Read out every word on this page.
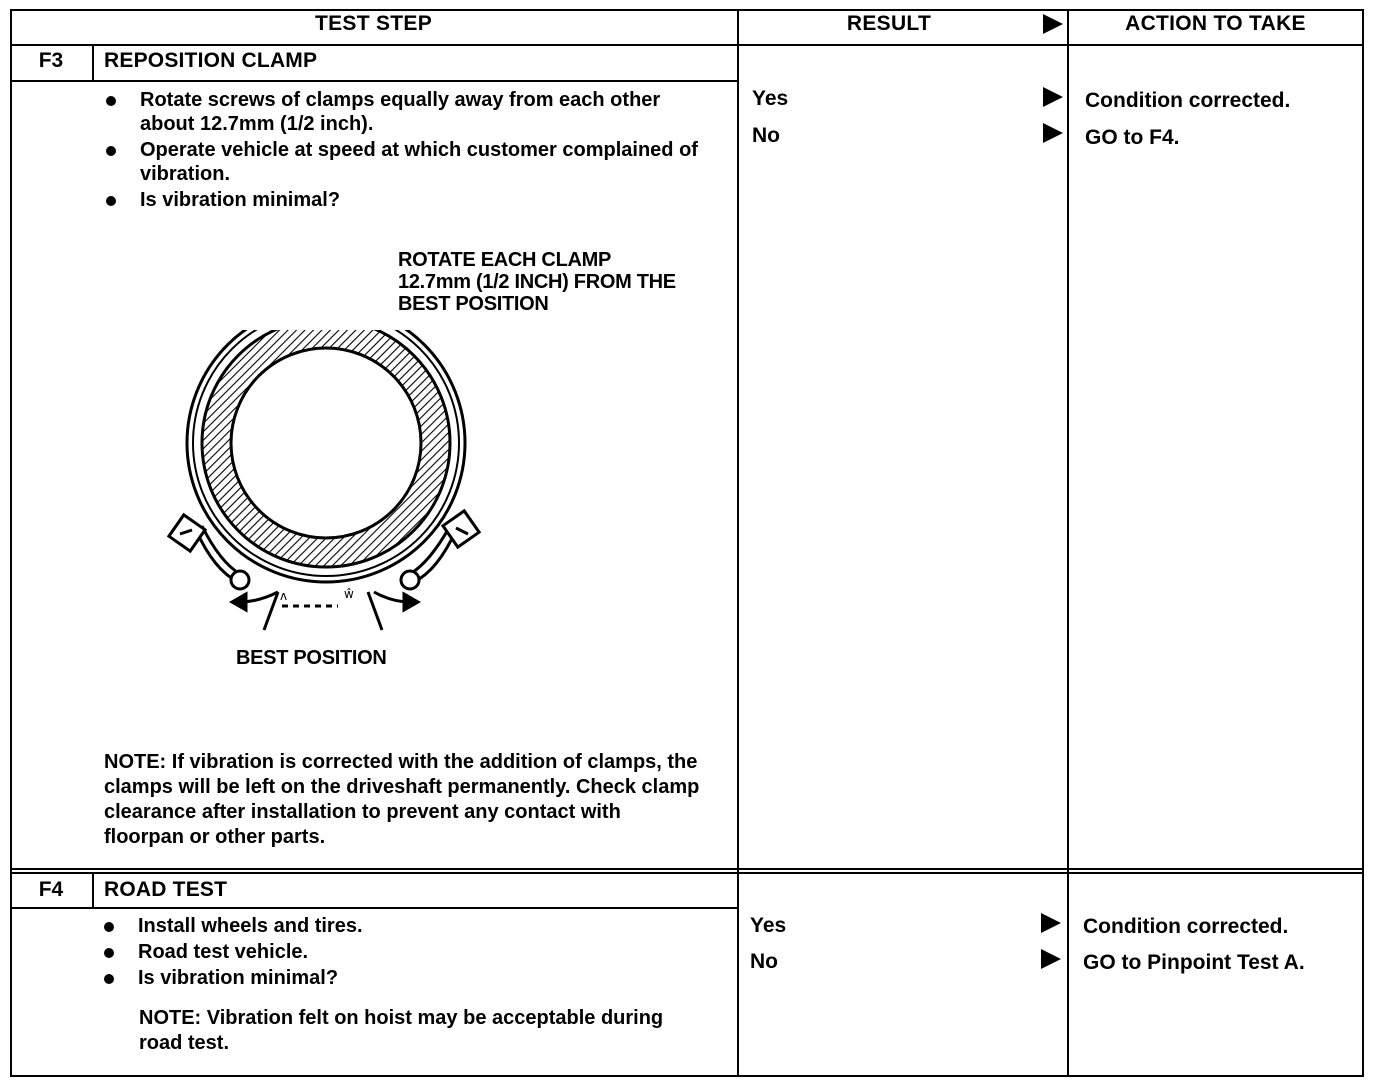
TEST STEP	RESULT	ACTION TO TAKE
F3	REPOSITION CLAMP
Rotate screws of clamps equally away from each other about 12.7mm (1/2 inch).
Operate vehicle at speed at which customer complained of vibration.
Is vibration minimal?
ROTATE EACH CLAMP 12.7mm (1/2 INCH) FROM THE BEST POSITION
ʌ	ŵ
BEST POSITION
NOTE: If vibration is corrected with the addition of clamps, the clamps will be left on the driveshaft permanently. Check clamp clearance after installation to prevent any contact with floorpan or other parts.
Yes	Condition corrected.
No	GO to F4.
F4	ROAD TEST
Install wheels and tires.
Road test vehicle.
Is vibration minimal?
NOTE: Vibration felt on hoist may be acceptable during road test.
Yes	Condition corrected.
No	GO to Pinpoint Test A.
